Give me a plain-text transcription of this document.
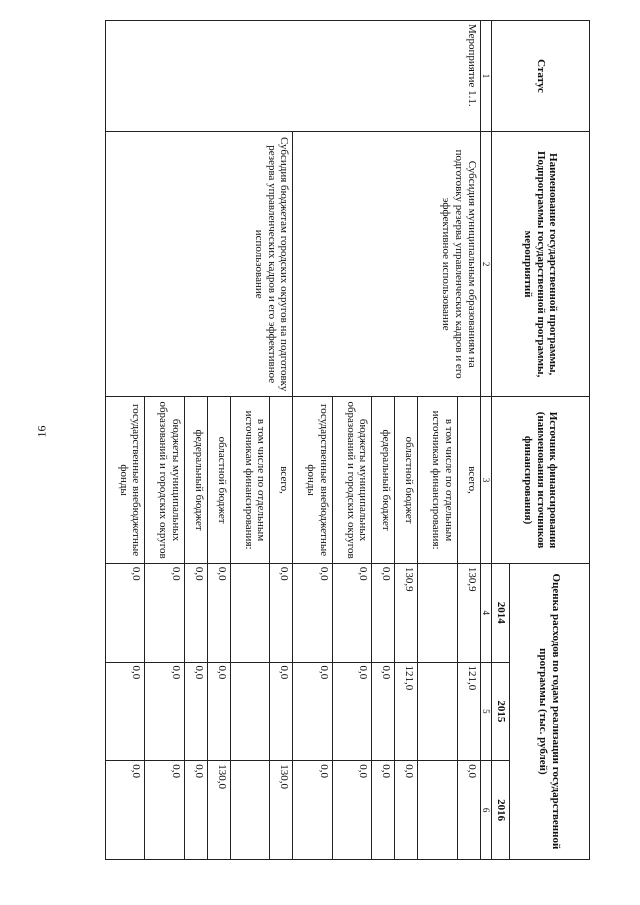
16
Статус	Наименование государственной программы, Подпрограммы государственной программы, мероприятий	Источник финансирования (наименования источников финансирования)	Оценка расходов по годам реализации государственной программы (тыс. рублей)		
			2014	2015	2016
1	2	3	4	5	6
Мероприятие 1.1.	Субсидия муниципальным образованиям на подготовку резерва управленческих кадров и его эффективное использование	всего,	130,9	121,0	0,0
		в том числе по отдельным источникам финансирования:			
		областной бюджет	130,9	121,0	0,0
		федеральный бюджет	0,0	0,0	0,0
		бюджеты муниципальных образований и городских округов	0,0	0,0	0,0
		государственные внебюджетные фонды	0,0	0,0	0,0
	Субсидия бюджетам городских округов на подготовку резерва управленческих кадров и его эффективное использование	всего,	0,0	0,0	130,0
		в том числе по отдельным источникам финансирования:			
		областной бюджет	0,0	0,0	130,0
		федеральный бюджет	0,0	0,0	0,0
		бюджеты муниципальных образований и городских округов	0,0	0,0	0,0
		государственные внебюджетные фонды	0,0	0,0	0,0
